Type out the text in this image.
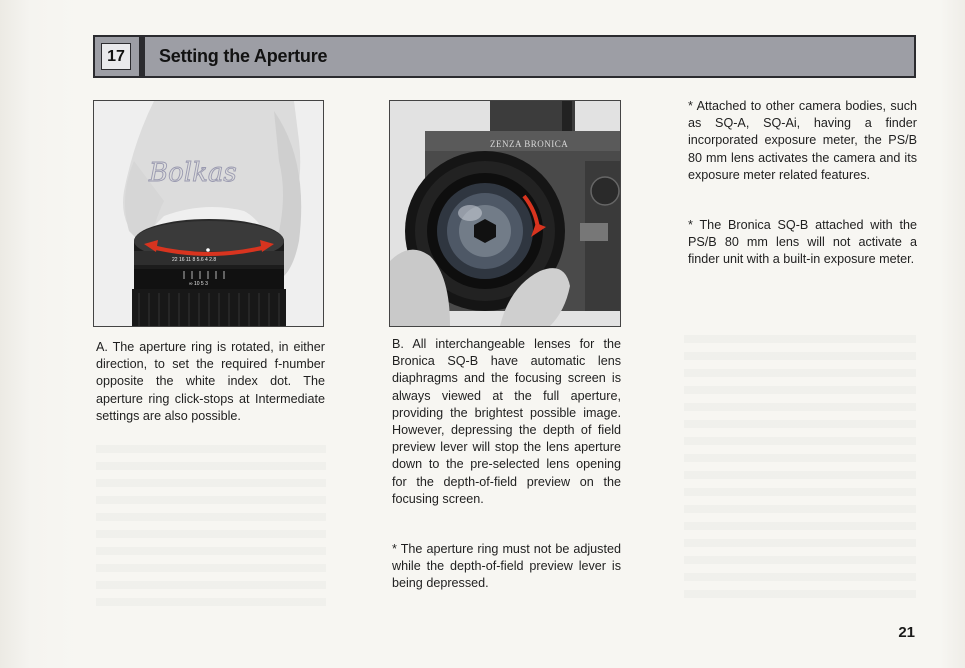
17	Setting the Aperture
22 16 11 8 5.6 4 2.8
∞ 10 5 3
Bolkas
ZENZA BRONICA
A. The aperture ring is rotated, in either direction, to set the required f-number opposite the white index dot. The aperture ring click-stops at Intermediate settings are also possible.
B. All interchangeable lenses for the Bronica SQ-B have automatic lens diaphragms and the focusing screen is always viewed at the full aperture, providing the brightest possible image. However, depressing the depth of field preview lever will stop the lens aperture down to the pre-selected lens opening for the depth-of-field preview on the focusing screen.
* The aperture ring must not be adjusted while the depth-of-field preview lever is being depressed.
* Attached to other camera bodies, such as SQ-A, SQ-Ai, having a finder incorporated exposure meter, the PS/B 80 mm lens activates the camera and its exposure meter related features.
* The Bronica SQ-B attached with the PS/B 80 mm lens will not activate a finder unit with a built-in exposure meter.
21
